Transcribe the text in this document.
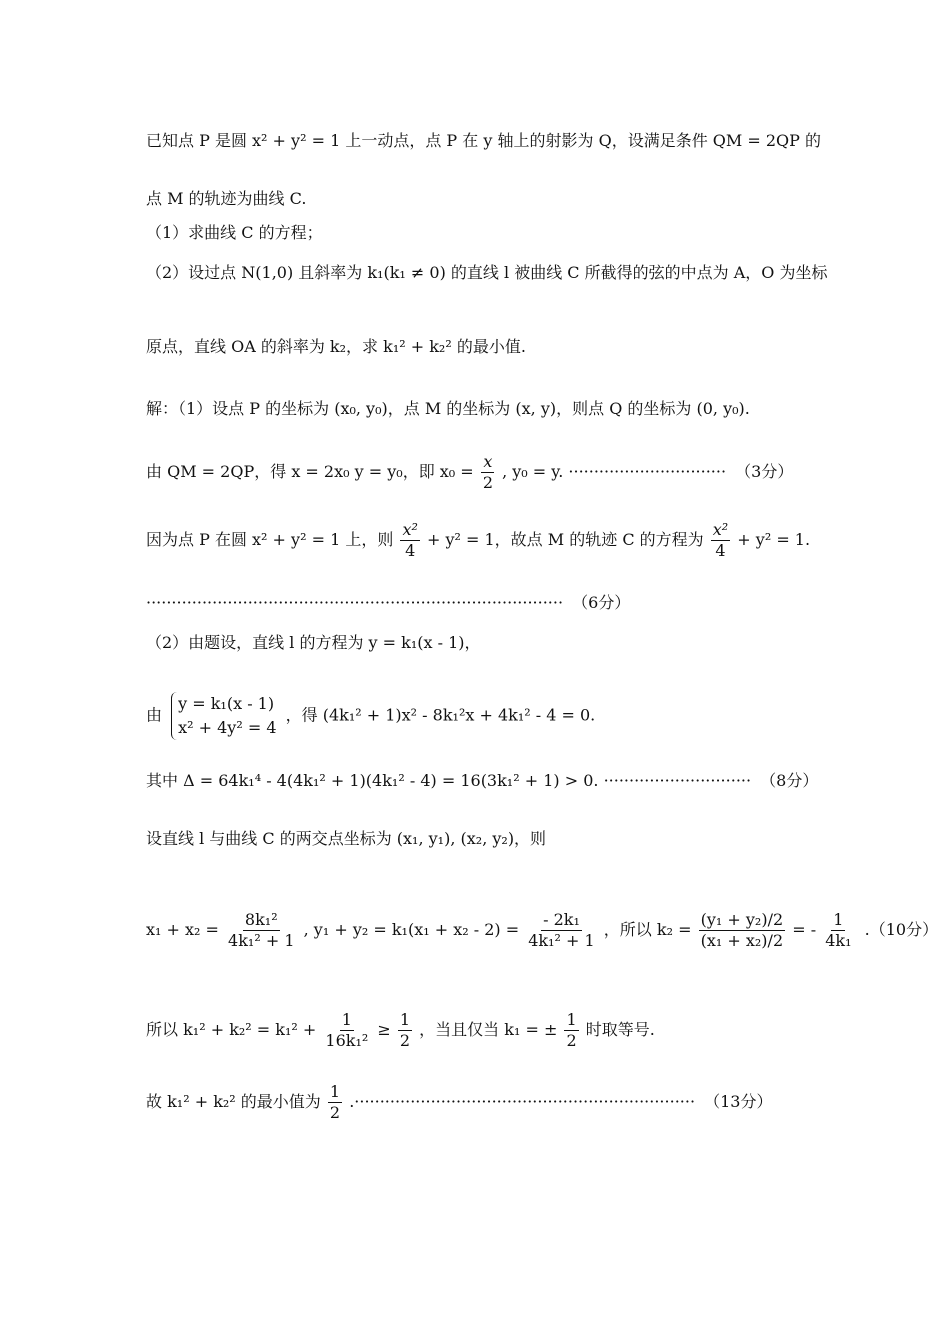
已知点 P 是圆 x² + y² = 1 上一动点，点 P 在 y 轴上的射影为 Q，设满足条件 QM = 2QP 的
点 M 的轨迹为曲线 C.
（1）求曲线 C 的方程；
（2）设过点 N(1,0) 且斜率为 k₁(k₁ ≠ 0) 的直线 l 被曲线 C 所截得的弦的中点为 A，O 为坐标
原点，直线 OA 的斜率为 k₂，求 k₁² + k₂² 的最小值.
解：（1）设点 P 的坐标为 (x₀, y₀)，点 M 的坐标为 (x, y)，则点 Q 的坐标为 (0, y₀).
由 QM = 2QP，得 x = 2x₀ y = y₀，即 $x_0 = \frac{x}{2}$ , y₀ = y. ······························· （3分）
因为点 P 在圆 x² + y² = 1 上，则 $\frac{\text{x²}}{4} + y^2 = 1$，故点 M 的轨迹 C 的方程为 $\frac{\text{x²}}{4} + y^2 = 1$.
·················································································· （6分）
（2）由题设，直线 l 的方程为 y = k₁(x - 1)，
由
y = k₁(x - 1)
x² + 4y² = 4
，得 (4k₁² + 1)x² - 8k₁²x + 4k₁² - 4 = 0.
其中 Δ = 64k₁⁴ - 4(4k₁² + 1)(4k₁² - 4) = 16(3k₁² + 1) > 0. ····························· （8分）
设直线 l 与曲线 C 的两交点坐标为 (x₁, y₁), (x₂, y₂)，则
$x_1 + x_2 = \frac{\text{8k₁²}}{\text{4k₁² + 1}}$ , $y_1 + y_2 = k_1(x_1 + x_2 - 2) = \frac{\text{- 2k₁}}{\text{4k₁² + 1}}$ ，所以 $k_2 = \frac{\text{(y₁ + y₂)/2}}{\text{(x₁ + x₂)/2}}$ = - $\frac{1}{\text{4k₁}} .(10$分）
所以 $k_1^2 + k_2^2 = k_1^2 + \frac{1}{\text{16k₁²}} \ge \frac{1}{2}$ ，当且仅当 k₁ = ± $\frac{1}{2}$ 时取等号.
故 k₁² + k₂² 的最小值为 $\frac{1}{2}$ .··································································· （13分）
